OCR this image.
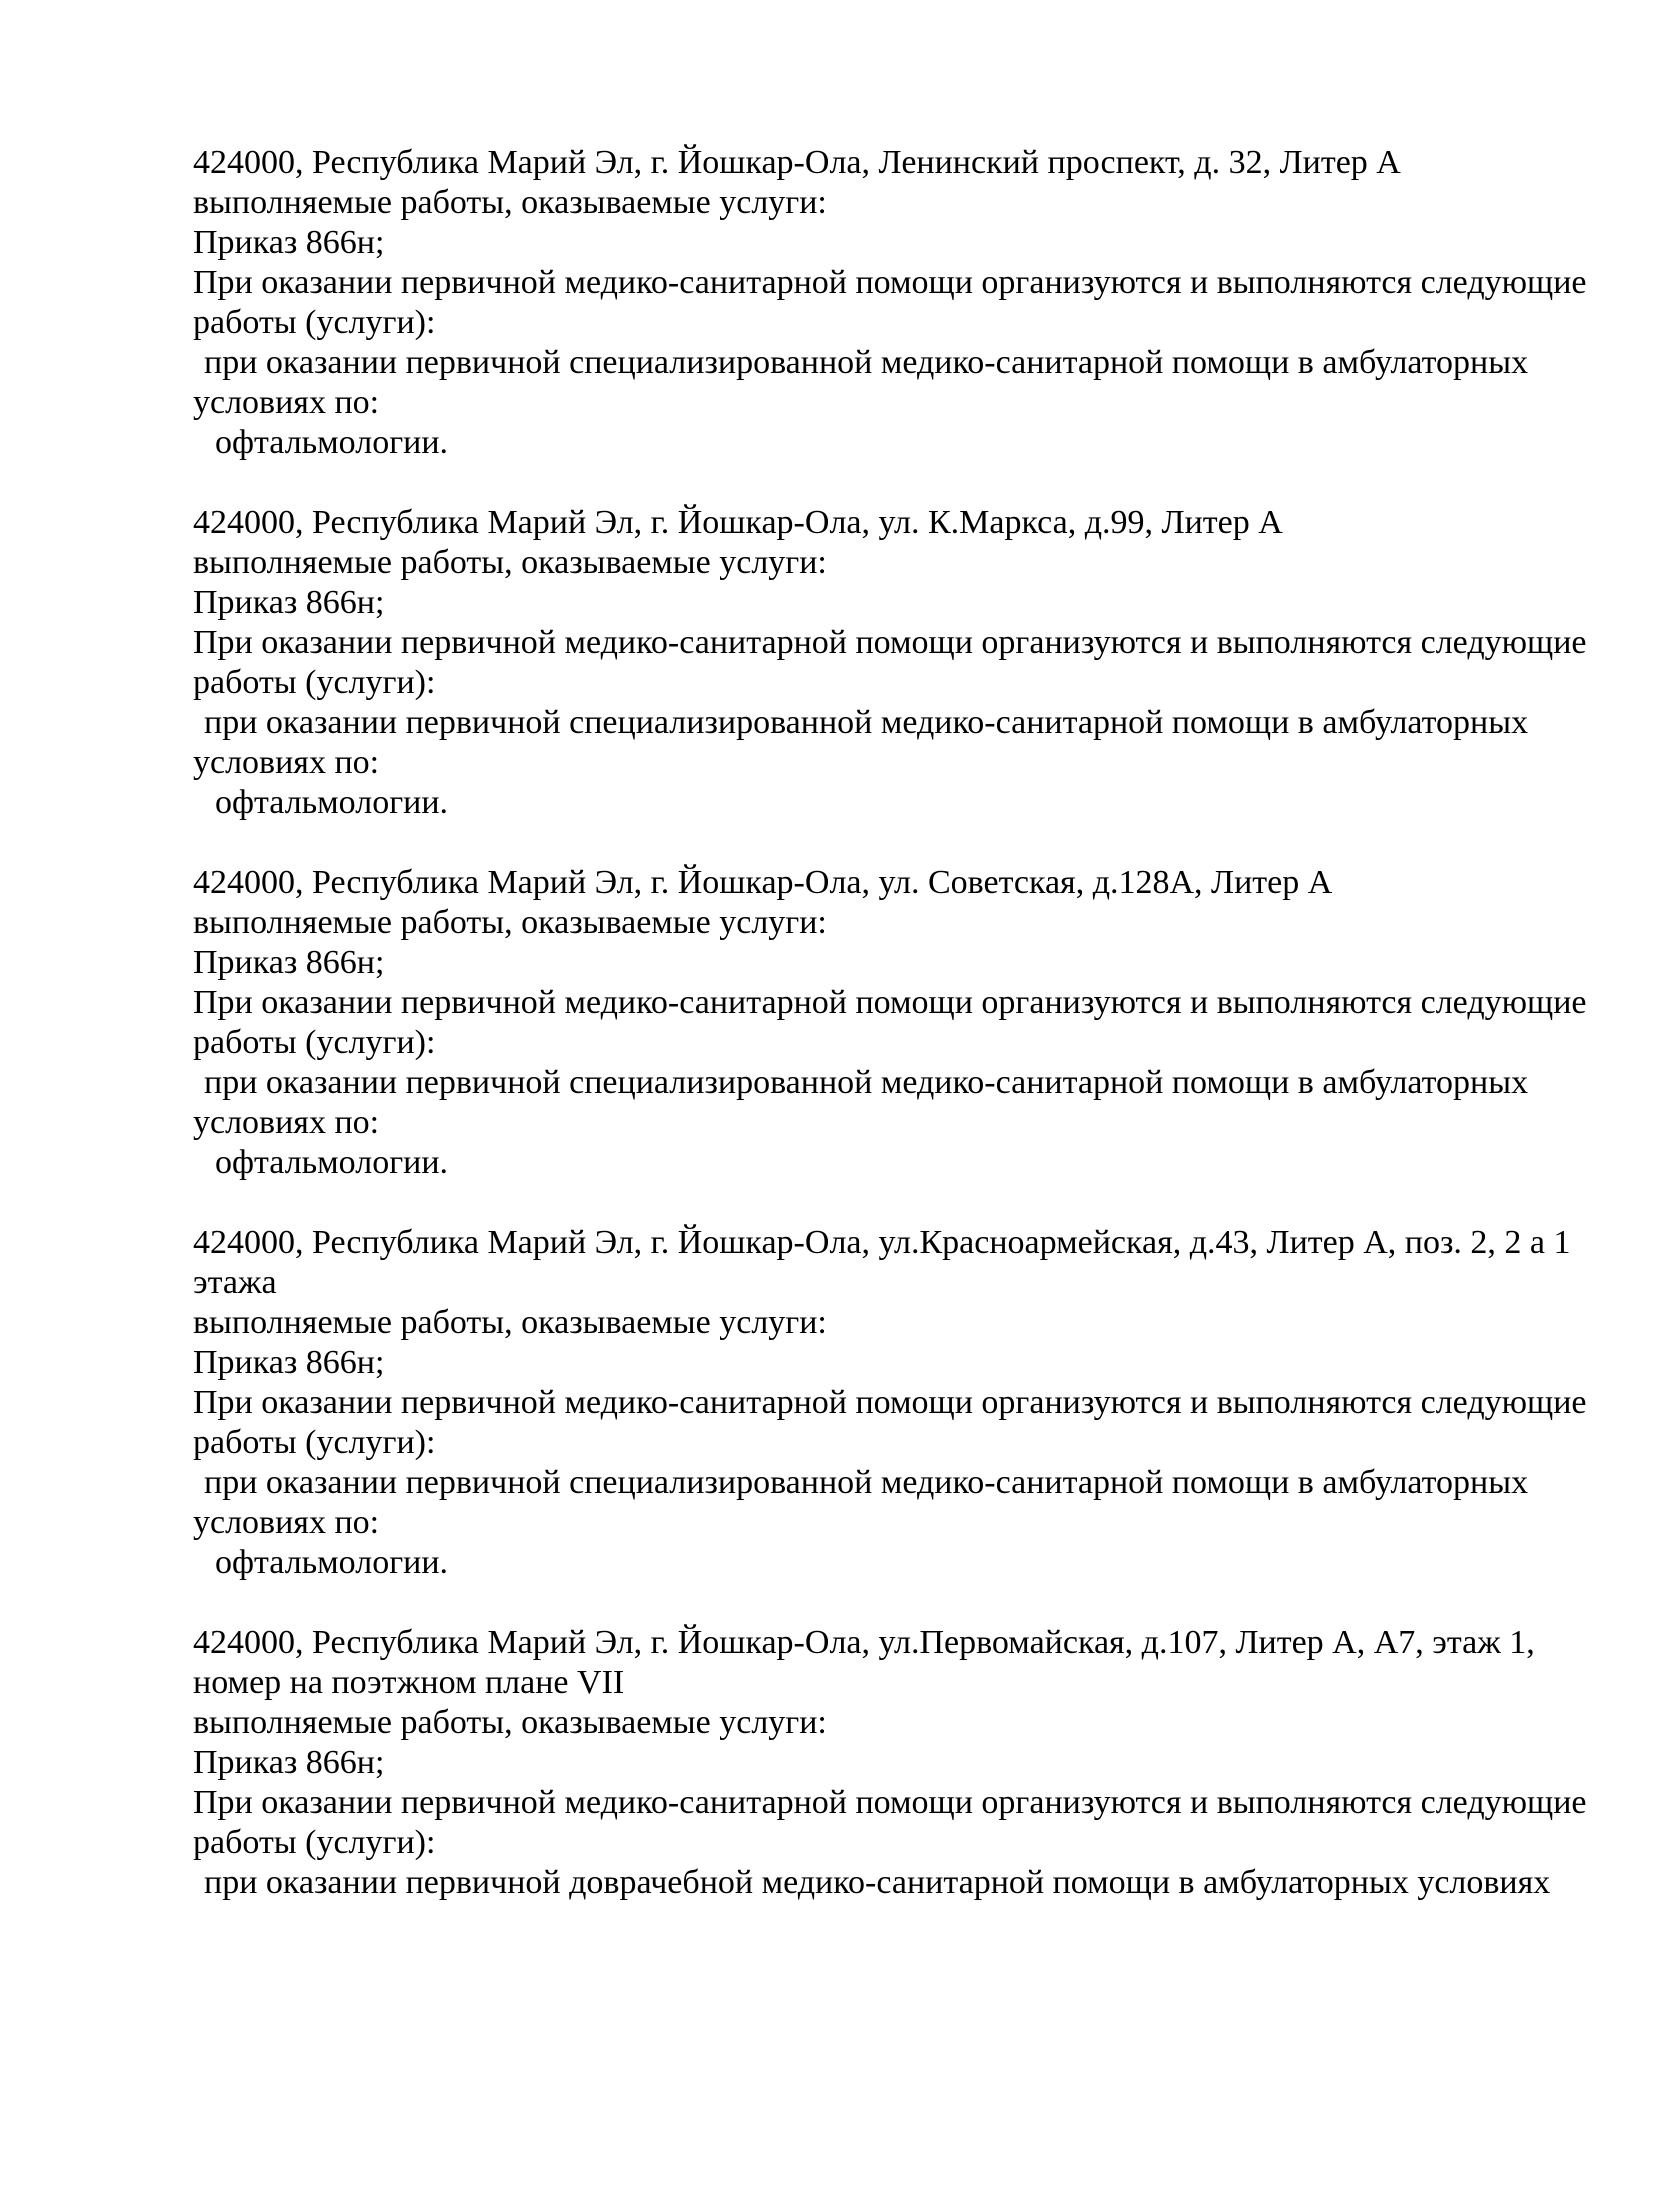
424000, Республика Марий Эл, г. Йошкар-Ола, Ленинский проспект, д. 32, Литер А
выполняемые работы, оказываемые услуги:
Приказ 866н;
При оказании первичной медико-санитарной помощи организуются и выполняются следующие
работы (услуги):
при оказании первичной специализированной медико-санитарной помощи в амбулаторных
условиях по:
офтальмологии.
424000, Республика Марий Эл, г. Йошкар-Ола, ул. К.Маркса, д.99, Литер А
выполняемые работы, оказываемые услуги:
Приказ 866н;
При оказании первичной медико-санитарной помощи организуются и выполняются следующие
работы (услуги):
при оказании первичной специализированной медико-санитарной помощи в амбулаторных
условиях по:
офтальмологии.
424000, Республика Марий Эл, г. Йошкар-Ола, ул. Советская, д.128А, Литер А
выполняемые работы, оказываемые услуги:
Приказ 866н;
При оказании первичной медико-санитарной помощи организуются и выполняются следующие
работы (услуги):
при оказании первичной специализированной медико-санитарной помощи в амбулаторных
условиях по:
офтальмологии.
424000, Республика Марий Эл, г. Йошкар-Ола, ул.Красноармейская, д.43, Литер А, поз. 2, 2 а 1
этажа
выполняемые работы, оказываемые услуги:
Приказ 866н;
При оказании первичной медико-санитарной помощи организуются и выполняются следующие
работы (услуги):
при оказании первичной специализированной медико-санитарной помощи в амбулаторных
условиях по:
офтальмологии.
424000, Республика Марий Эл, г. Йошкар-Ола, ул.Первомайская, д.107, Литер А, А7, этаж 1,
номер на поэтжном плане VII
выполняемые работы, оказываемые услуги:
Приказ 866н;
При оказании первичной медико-санитарной помощи организуются и выполняются следующие
работы (услуги):
при оказании первичной доврачебной медико-санитарной помощи в амбулаторных условиях
